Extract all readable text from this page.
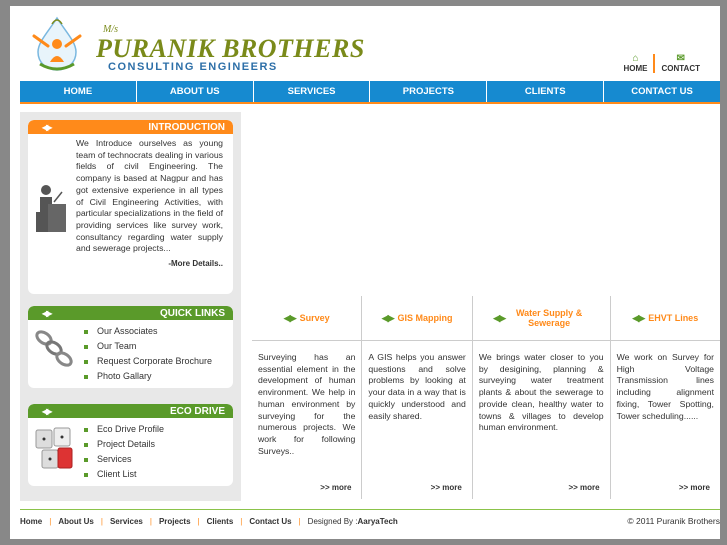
M/s
PURANIK BROTHERS
CONSULTING ENGINEERS
⌂
HOME
✉
CONTACT
HOME	ABOUT US	SERVICES	PROJECTS	CLIENTS	CONTACT US
◀▶	INTRODUCTION
We Introduce ourselves as young team of technocrats dealing in various fields of civil Engineering. The company is based at Nagpur and has got extensive experience in all types of Civil Engineering Activities, with particular specializations in the field of providing services like survey work, consultancy regarding water supply and sewerage projects...
-More Details..
◀▶	QUICK LINKS
Our Associates
Our Team
Request Corporate Brochure
Photo Gallary
◀▶	ECO DRIVE
Eco Drive Profile
Project Details
Services
Client List
◀▶ Survey
Surveying has an essential element in the development of human environment. We help in human environment by surveying for the numerous projects. We work for following Surveys..
>> more
◀▶ GIS Mapping
A GIS helps you answer questions and solve problems by looking at your data in a way that is quickly understood and easily shared.
>> more
◀▶	Water Supply & Sewerage
We brings water closer to you by desigining, planning & surveying water treatment plants & about the sewerage to provide clean, healthy water to towns & villages to develop human environment.
>> more
◀▶ EHVT Lines
We work on Survey for High Voltage Transmission lines including alignment fixing, Tower Spotting, Tower scheduling......
>> more
Home | About Us | Services | Projects | Clients | Contact Us | Designed By : AaryaTech	© 2011 Puranik Brothers
